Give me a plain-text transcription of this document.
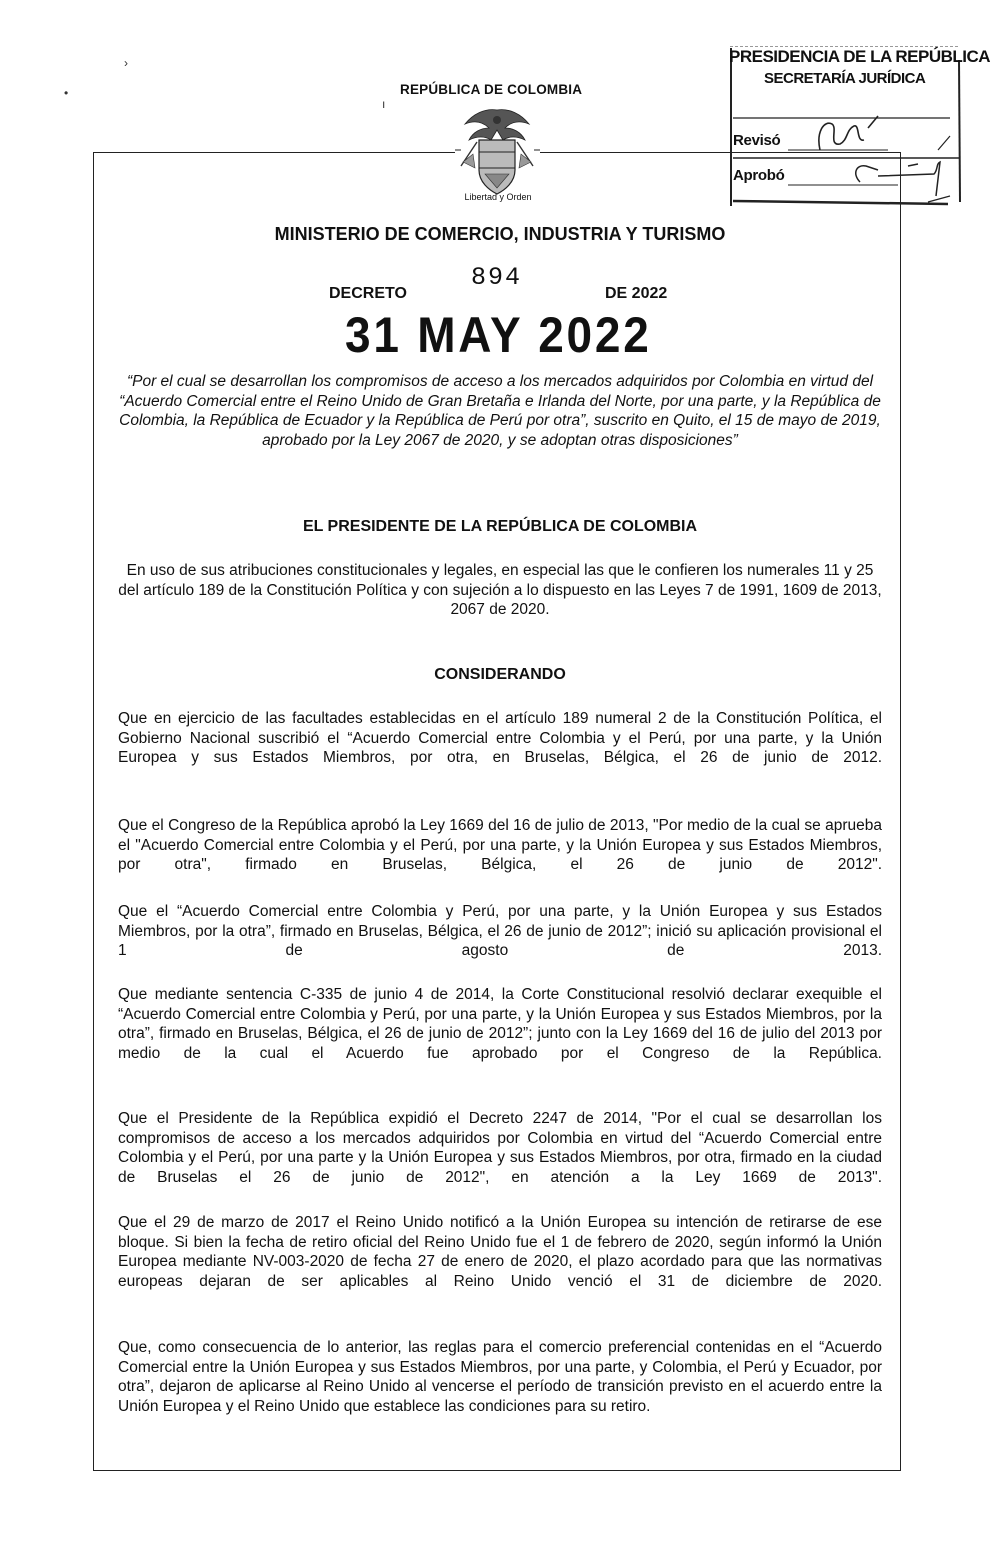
•
›
ı
REPÚBLICA DE COLOMBIA
Libertad y Orden
PRESIDENCIA DE LA REPÚBLICA
SECRETARÍA JURÍDICA
Revisó
Aprobó
MINISTERIO DE COMERCIO, INDUSTRIA Y TURISMO
DECRETO
894
DE 2022
31 MAY 2022
“Por el cual se desarrollan los compromisos de acceso a los mercados adquiridos por Colombia en virtud del “Acuerdo Comercial entre el Reino Unido de Gran Bretaña e Irlanda del Norte, por una parte, y la República de Colombia, la República de Ecuador y la República de Perú por otra”, suscrito en Quito, el 15 de mayo de 2019, aprobado por la Ley 2067 de 2020, y se adoptan otras disposiciones”
EL PRESIDENTE DE LA REPÚBLICA DE COLOMBIA
En uso de sus atribuciones constitucionales y legales, en especial las que le confieren los numerales 11 y 25 del artículo 189 de la Constitución Política y con sujeción a lo dispuesto en las Leyes 7 de 1991, 1609 de 2013, 2067 de 2020.
CONSIDERANDO
Que en ejercicio de las facultades establecidas en el artículo 189 numeral 2 de la Constitución Política, el Gobierno Nacional suscribió el “Acuerdo Comercial entre Colombia y el Perú, por una parte, y la Unión Europea y sus Estados Miembros, por otra, en Bruselas, Bélgica, el 26 de junio de 2012.
Que el Congreso de la República aprobó la Ley 1669 del 16 de julio de 2013, "Por medio de la cual se aprueba el "Acuerdo Comercial entre Colombia y el Perú, por una parte, y la Unión Europea y sus Estados Miembros, por otra", firmado en Bruselas, Bélgica, el 26 de junio de 2012".
Que el “Acuerdo Comercial entre Colombia y Perú, por una parte, y la Unión Europea y sus Estados Miembros, por la otra”, firmado en Bruselas, Bélgica, el 26 de junio de 2012”; inició su aplicación provisional el 1 de agosto de 2013.
Que mediante sentencia C-335 de junio 4 de 2014, la Corte Constitucional resolvió declarar exequible el “Acuerdo Comercial entre Colombia y Perú, por una parte, y la Unión Europea y sus Estados Miembros, por la otra”, firmado en Bruselas, Bélgica, el 26 de junio de 2012”; junto con la Ley 1669 del 16 de julio del 2013 por medio de la cual el Acuerdo fue aprobado por el Congreso de la República.
Que el Presidente de la República expidió el Decreto 2247 de 2014, "Por el cual se desarrollan los compromisos de acceso a los mercados adquiridos por Colombia en virtud del “Acuerdo Comercial entre Colombia y el Perú, por una parte y la Unión Europea y sus Estados Miembros, por otra, firmado en la ciudad de Bruselas el 26 de junio de 2012", en atención a la Ley 1669 de 2013".
Que el 29 de marzo de 2017 el Reino Unido notificó a la Unión Europea su intención de retirarse de ese bloque. Si bien la fecha de retiro oficial del Reino Unido fue el 1 de febrero de 2020, según informó la Unión Europea mediante NV-003-2020 de fecha 27 de enero de 2020, el plazo acordado para que las normativas europeas dejaran de ser aplicables al Reino Unido venció el 31 de diciembre de 2020.
Que, como consecuencia de lo anterior, las reglas para el comercio preferencial contenidas en el “Acuerdo Comercial entre la Unión Europea y sus Estados Miembros, por una parte, y Colombia, el Perú y Ecuador, por otra”, dejaron de aplicarse al Reino Unido al vencerse el período de transición previsto en el acuerdo entre la Unión Europea y el Reino Unido que establece las condiciones para su retiro.
